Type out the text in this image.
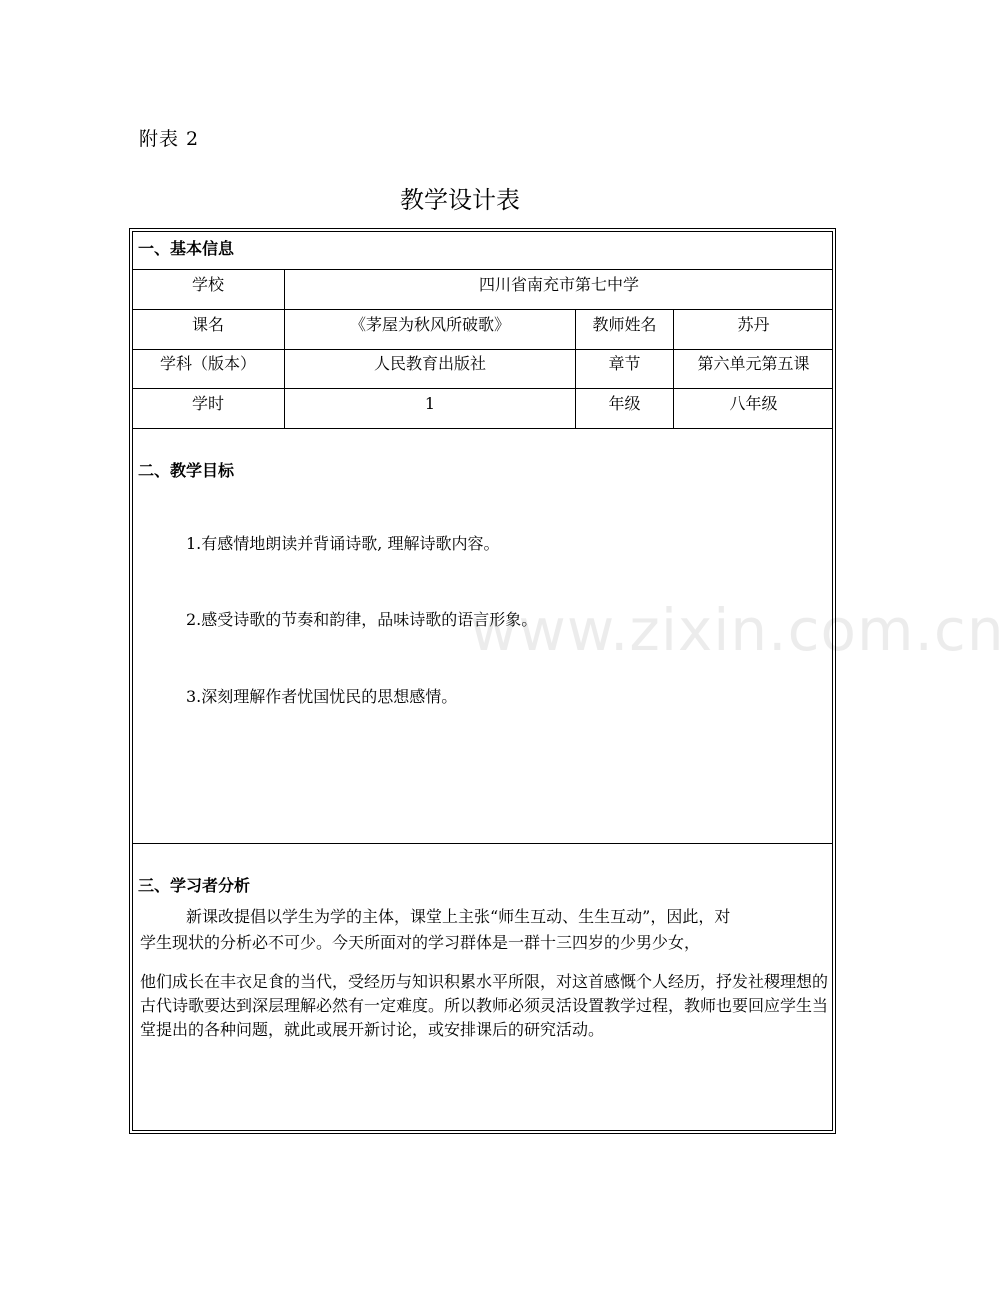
附表 2
教学设计表
一、基本信息
学校	四川省南充市第七中学
课名	《茅屋为秋风所破歌》	教师姓名	苏丹
学科（版本）	人民教育出版社	章节	第六单元第五课
学时	1	年级	八年级
二、教学目标
1.有感情地朗读并背诵诗歌, 理解诗歌内容。
2.感受诗歌的节奏和韵律，品味诗歌的语言形象。
3.深刻理解作者忧国忧民的思想感情。
www.zixin.com.cn
三、学习者分析
新课改提倡以学生为学的主体，课堂上主张“师生互动、生生互动”，因此，对
学生现状的分析必不可少。今天所面对的学习群体是一群十三四岁的少男少女，
他们成长在丰衣足食的当代，受经历与知识积累水平所限，对这首感慨个人经历，抒发社稷理想的古代诗歌要达到深层理解必然有一定难度。所以教师必须灵活设置教学过程，教师也要回应学生当堂提出的各种问题，就此或展开新讨论，或安排课后的研究活动。
